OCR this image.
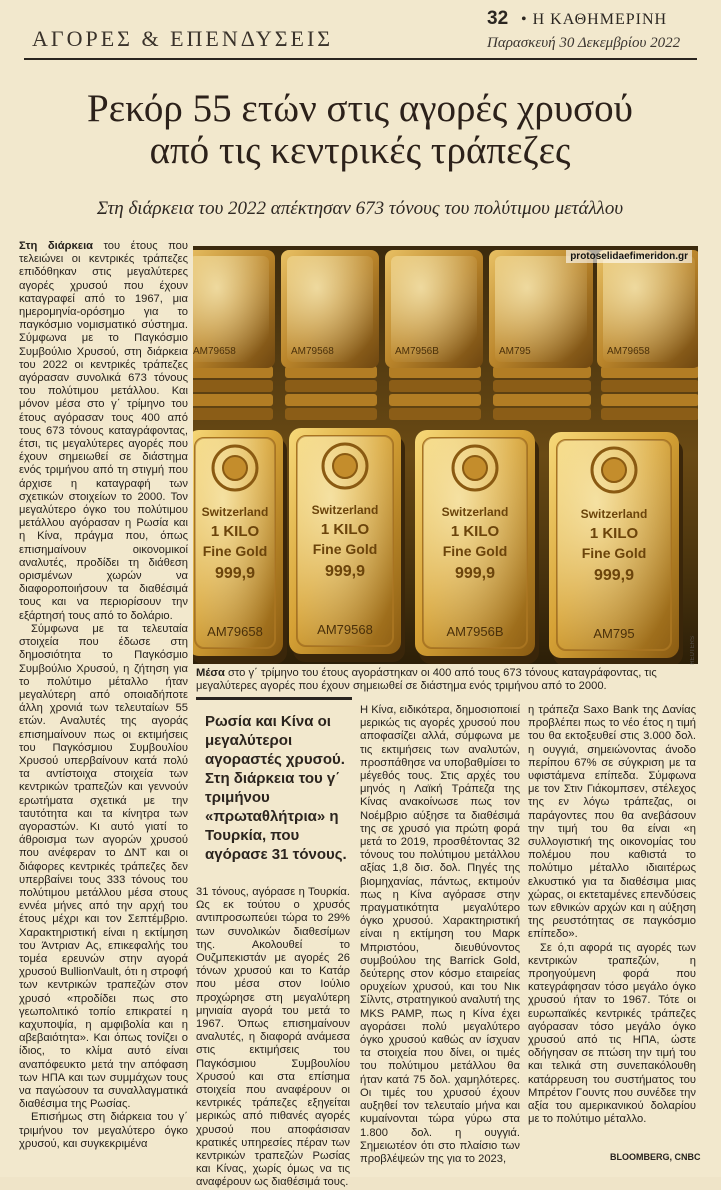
ΑΓΟΡΕΣ & ΕΠΕΝΔΥΣΕΙΣ
32 • Η ΚΑΘΗΜΕΡΙΝΗ
Παρασκευή 30 Δεκεμβρίου 2022
Ρεκόρ 55 ετών στις αγορές χρυσού
από τις κεντρικές τράπεζες
Στη διάρκεια του 2022 απέκτησαν 673 τόνους του πολύτιμου μετάλλου

Στη διάρκεια του έτους που τελειώνει οι κεντρικές τράπεζες επιδόθηκαν στις μεγαλύτερες αγορές χρυσού που έχουν καταγραφεί από το 1967, μια ημερομηνία-ορόσημο για το παγκόσμιο νομισματικό σύστημα. Σύμφωνα με το Παγκόσμιο Συμβούλιο Χρυσού, στη διάρκεια του 2022 οι κεντρικές τράπεζες αγόρασαν συνολικά 673 τόνους του πολύτιμου μετάλλου. Και μόνον μέσα στο γ΄ τρίμηνο του έτους αγόρασαν τους 400 από τους 673 τόνους καταγράφοντας, έτσι, τις μεγαλύτερες αγορές που έχουν σημειωθεί σε διάστημα ενός τριμήνου από τη στιγμή που άρχισε η καταγραφή των σχετικών στοιχείων το 2000. Τον μεγαλύτερο όγκο του πολύτιμου μετάλλου αγόρασαν η Ρωσία και η Κίνα, πράγμα που, όπως επισημαίνουν οικονομικοί αναλυτές, προδίδει τη διάθεση ορισμένων χωρών να διαφοροποιήσουν τα διαθέσιμά τους και να περιορίσουν την εξάρτησή τους από το δολάριο.

Σύμφωνα με τα τελευταία στοιχεία που έδωσε στη δημοσιότητα το Παγκόσμιο Συμβούλιο Χρυσού, η ζήτηση για το πολύτιμο μέταλλο ήταν μεγαλύτερη από οποιαδήποτε άλλη χρονιά των τελευταίων 55 ετών. Αναλυτές της αγοράς επισημαίνουν πως οι εκτιμήσεις του Παγκόσμιου Συμβουλίου Χρυσού υπερβαίνουν κατά πολύ τα αντίστοιχα στοιχεία των κεντρικών τραπεζών και γεννούν ερωτήματα σχετικά με την ταυτότητα και τα κίνητρα των αγοραστών. Κι αυτό γιατί το άθροισμα των αγορών χρυσού που ανέφεραν το ΔΝΤ και οι διάφορες κεντρικές τράπεζες δεν υπερβαίνει τους 333 τόνους του πολύτιμου μετάλλου μέσα στους εννέα μήνες από την αρχή του έτους μέχρι και τον Σεπτέμβριο. Χαρακτηριστική είναι η εκτίμηση του Άντριαν Ας, επικεφαλής του τομέα ερευνών στην αγορά χρυσού BullionVault, ότι η στροφή των κεντρικών τραπεζών στον χρυσό «προδίδει πως στο γεωπολιτικό τοπίο επικρατεί η καχυποψία, η αμφιβολία και η αβεβαιότητα». Και όπως τονίζει ο ίδιος, το κλίμα αυτό είναι αναπόφευκτο μετά την απόφαση των ΗΠΑ και των συμμάχων τους να παγώσουν τα συναλλαγματικά διαθέσιμα της Ρωσίας.

Επισήμως στη διάρκεια του γ΄ τριμήνου τον μεγαλύτερο όγκο χρυσού, και συγκεκριμένα

AM79658	AM79568	AM7956B	AM795	AM79658
Switzerland
1 KILO
Fine Gold
999,9
AM79658
Switzerland
1 KILO
Fine Gold
999,9
AM79568
Switzerland
1 KILO
Fine Gold
999,9
AM7956B
Switzerland
1 KILO
Fine Gold
999,9
AM795
protoselidaefimeridon.gr
REUTERS
Μέσα στο γ΄ τρίμηνο του έτους αγοράστηκαν οι 400 από τους 673 τόνους καταγράφοντας, τις μεγαλύτερες αγορές που έχουν σημειωθεί σε διάστημα ενός τριμήνου από το 2000.
Ρωσία και Κίνα οι μεγαλύτεροι αγοραστές χρυσού. Στη διάρκεια του γ΄ τριμήνου «πρωταθλήτρια» η Τουρκία, που αγόρασε 31 τόνους.

31 τόνους, αγόρασε η Τουρκία. Ως εκ τούτου ο χρυσός αντιπροσωπεύει τώρα το 29% των συνολικών διαθεσίμων της. Ακολουθεί το Ουζμπεκιστάν με αγορές 26 τόνων χρυσού και το Κατάρ που μέσα στον Ιούλιο προχώρησε στη μεγαλύτερη μηνιαία αγορά του μετά το 1967. Όπως επισημαίνουν αναλυτές, η διαφορά ανάμεσα στις εκτιμήσεις του Παγκόσμιου Συμβουλίου Χρυσού και στα επίσημα στοιχεία που αναφέρουν οι κεντρικές τράπεζες εξηγείται μερικώς από πιθανές αγορές χρυσού που αποφάσισαν κρατικές υπηρεσίες πέραν των κεντρικών τραπεζών Ρωσίας και Κίνας, χωρίς όμως να τις αναφέρουν ως διαθέσιμά τους.

Η Κίνα, ειδικότερα, δημοσιοποιεί μερικώς τις αγορές χρυσού που αποφασίζει αλλά, σύμφωνα με τις εκτιμήσεις των αναλυτών, προσπάθησε να υποβαθμίσει το μέγεθός τους. Στις αρχές του μηνός η Λαϊκή Τράπεζα της Κίνας ανακοίνωσε πως τον Νοέμβριο αύξησε τα διαθέσιμά της σε χρυσό για πρώτη φορά μετά το 2019, προσθέτοντας 32 τόνους του πολύτιμου μετάλλου αξίας 1,8 δισ. δολ. Πηγές της βιομηχανίας, πάντως, εκτιμούν πως η Κίνα αγόρασε στην πραγματικότητα μεγαλύτερο όγκο χρυσού. Χαρακτηριστική είναι η εκτίμηση του Μαρκ Μπριστόου, διευθύνοντος συμβούλου της Barrick Gold, δεύτερης στον κόσμο εταιρείας ορυχείων χρυσού, και του Νικ Σίλντς, στρατηγικού αναλυτή της MKS PAMP, πως η Κίνα έχει αγοράσει πολύ μεγαλύτερο όγκο χρυσού καθώς αν ίσχυαν τα στοιχεία που δίνει, οι τιμές του πολύτιμου μετάλλου θα ήταν κατά 75 δολ. χαμηλότερες. Οι τιμές του χρυσού έχουν αυξηθεί τον τελευταίο μήνα και κυμαίνονται τώρα γύρω στα 1.800 δολ. η ουγγιά. Σημειωτέον ότι στο πλαίσιο των προβλέψεών της για το 2023,

η τράπεζα Saxo Bank της Δανίας προβλέπει πως το νέο έτος η τιμή του θα εκτοξευθεί στις 3.000 δολ. η ουγγιά, σημειώνοντας άνοδο περίπου 67% σε σύγκριση με τα υφιστάμενα επίπεδα. Σύμφωνα με τον Στιν Γιάκομπσεν, στέλεχος της εν λόγω τράπεζας, οι παράγοντες που θα ανεβάσουν την τιμή του θα είναι «η συλλογιστική της οικονομίας του πολέμου που καθιστά το πολύτιμο μέταλλο ιδιαιτέρως ελκυστικό για τα διαθέσιμα μιας χώρας, οι εκτεταμένες επενδύσεις των εθνικών αρχών και η αύξηση της ρευστότητας σε παγκόσμιο επίπεδο».

Σε ό,τι αφορά τις αγορές των κεντρικών τραπεζών, η προηγούμενη φορά που κατεγράφησαν τόσο μεγάλο όγκο χρυσού ήταν το 1967. Τότε οι ευρωπαϊκές κεντρικές τράπεζες αγόρασαν τόσο μεγάλο όγκο χρυσού από τις ΗΠΑ, ώστε οδήγησαν σε πτώση την τιμή του και τελικά στη συνεπακόλουθη κατάρρευση του συστήματος του Μπρέτον Γουντς που συνέδεε την αξία του αμερικανικού δολαρίου με το πολύτιμο μέταλλο.

BLOOMBERG, CNBC
